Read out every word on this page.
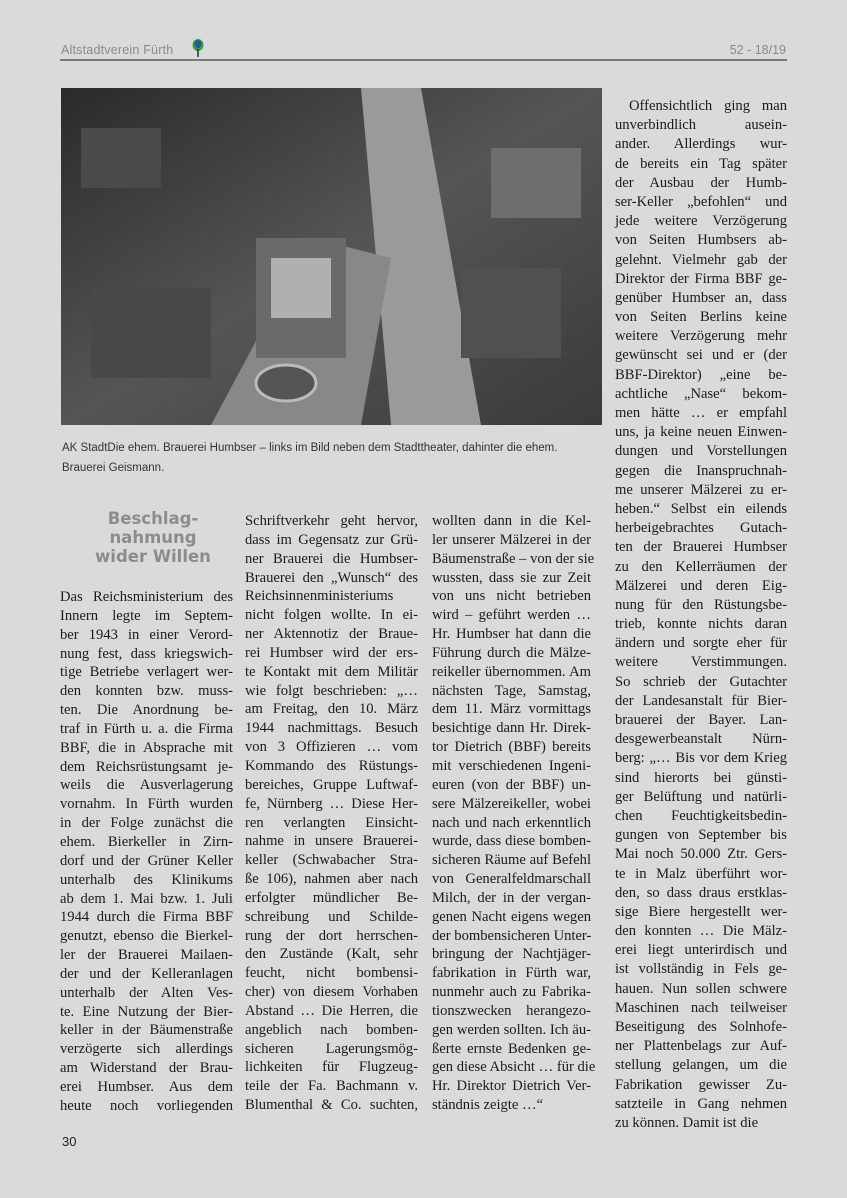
Altstadtverein Fürth	52 - 18/19
AK StadtDie ehem. Brauerei Humbser – links im Bild neben dem Stadttheater, dahinter die ehem. Brauerei Geismann.
Beschlag-
nahmung
wider Willen
Das Reichsministerium des
Innern legte im Septem-
ber 1943 in einer Verord-
nung fest, dass kriegswich-
tige Betriebe verlagert wer-
den konnten bzw. muss-
ten. Die Anordnung be-
traf in Fürth u. a. die Firma
BBF, die in Absprache mit
dem Reichsrüstungsamt je-
weils die Ausverlagerung
vornahm. In Fürth wurden
in der Folge zunächst die
ehem. Bierkeller in Zirn-
dorf und der Grüner Keller
unterhalb des Klinikums
ab dem 1. Mai bzw. 1. Juli
1944 durch die Firma BBF
genutzt, ebenso die Bierkel-
ler der Brauerei Mailaen-
der und der Kelleranlagen
unterhalb der Alten Ves-
te. Eine Nutzung der Bier-
keller in der Bäumenstraße
verzögerte sich allerdings
am Widerstand der Brau-
erei Humbser. Aus dem
heute noch vorliegenden
Schriftverkehr geht hervor,
dass im Gegensatz zur Grü-
ner Brauerei die Humbser-
Brauerei den „Wunsch“ des
Reichsinnenministeriums
nicht folgen wollte. In ei-
ner Aktennotiz der Braue-
rei Humbser wird der ers-
te Kontakt mit dem Militär
wie folgt beschrieben: „…
am Freitag, den 10. März
1944 nachmittags. Besuch
von 3 Offizieren … vom
Kommando des Rüstungs-
bereiches, Gruppe Luftwaf-
fe, Nürnberg … Diese Her-
ren verlangten Einsicht-
nahme in unsere Brauerei-
keller (Schwabacher Stra-
ße 106), nahmen aber nach
erfolgter mündlicher Be-
schreibung und Schilde-
rung der dort herrschen-
den Zustände (Kalt, sehr
feucht, nicht bombensi-
cher) von diesem Vorhaben
Abstand … Die Herren, die
angeblich nach bomben-
sicheren Lagerungsmög-
lichkeiten für Flugzeug-
teile der Fa. Bachmann v.
Blumenthal & Co. suchten,
wollten dann in die Kel-
ler unserer Mälzerei in der
Bäumenstraße – von der sie
wussten, dass sie zur Zeit
von uns nicht betrieben
wird – geführt werden …
Hr. Humbser hat dann die
Führung durch die Mälze-
reikeller übernommen. Am
nächsten Tage, Samstag,
dem 11. März vormittags
besichtige dann Hr. Direk-
tor Dietrich (BBF) bereits
mit verschiedenen Ingeni-
euren (von der BBF) un-
sere Mälzereikeller, wobei
nach und nach erkenntlich
wurde, dass diese bomben-
sicheren Räume auf Befehl
von Generalfeldmarschall
Milch, der in der vergan-
genen Nacht eigens wegen
der bombensicheren Unter-
bringung der Nachtjäger-
fabrikation in Fürth war,
nunmehr auch zu Fabrika-
tionszwecken herangezo-
gen werden sollten. Ich äu-
ßerte ernste Bedenken ge-
gen diese Absicht … für die
Hr. Direktor Dietrich Ver-
ständnis zeigte …“
Offensichtlich ging man
unverbindlich ausein-
ander. Allerdings wur-
de bereits ein Tag später
der Ausbau der Humb-
ser-Keller „befohlen“ und
jede weitere Verzögerung
von Seiten Humbsers ab-
gelehnt. Vielmehr gab der
Direktor der Firma BBF ge-
genüber Humbser an, dass
von Seiten Berlins keine
weitere Verzögerung mehr
gewünscht sei und er (der
BBF-Direktor) „eine be-
achtliche „Nase“ bekom-
men hätte … er empfahl
uns, ja keine neuen Einwen-
dungen und Vorstellungen
gegen die Inanspruchnah-
me unserer Mälzerei zu er-
heben.“ Selbst ein eilends
herbeigebrachtes Gutach-
ten der Brauerei Humbser
zu den Kellerräumen der
Mälzerei und deren Eig-
nung für den Rüstungsbe-
trieb, konnte nichts daran
ändern und sorgte eher für
weitere Verstimmungen.
So schrieb der Gutachter
der Landesanstalt für Bier-
brauerei der Bayer. Lan-
desgewerbeanstalt Nürn-
berg: „… Bis vor dem Krieg
sind hierorts bei günsti-
ger Belüftung und natürli-
chen Feuchtigkeitsbedin-
gungen von September bis
Mai noch 50.000 Ztr. Gers-
te in Malz überführt wor-
den, so dass draus erstklas-
sige Biere hergestellt wer-
den konnten … Die Mälz-
erei liegt unterirdisch und
ist vollständig in Fels ge-
hauen. Nun sollen schwere
Maschinen nach teilweiser
Beseitigung des Solnhofe-
ner Plattenbelags zur Auf-
stellung gelangen, um die
Fabrikation gewisser Zu-
satzteile in Gang nehmen
zu können. Damit ist die
30
